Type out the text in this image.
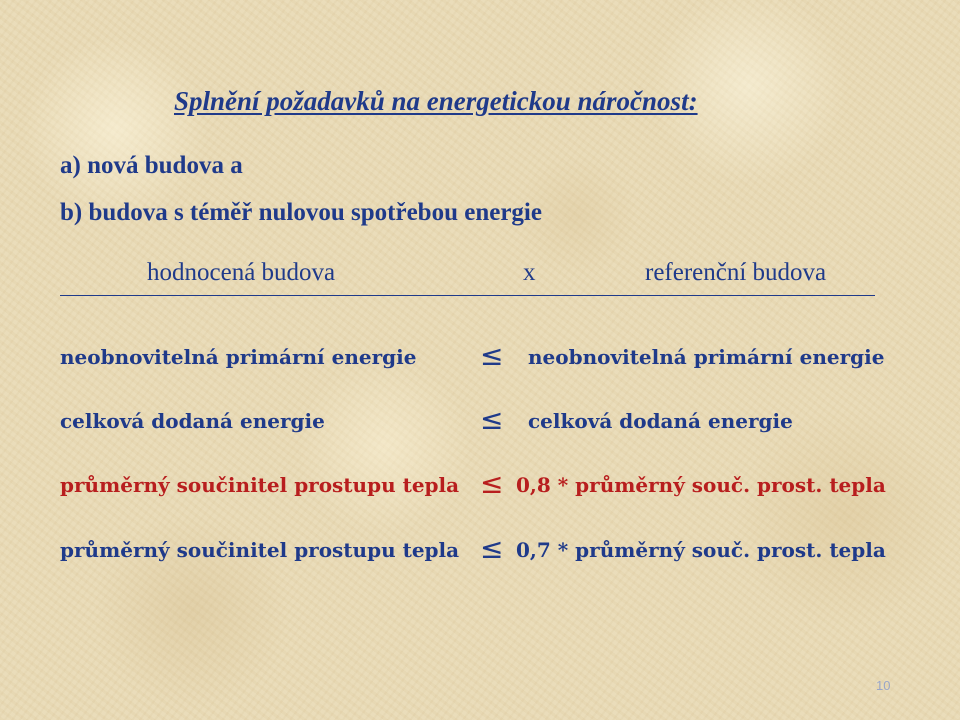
Splnění požadavků na energetickou náročnost:

a) nová budova a

b) budova s téměř nulovou spotřebou energie

hodnocená budova	x	referenční budova
neobnovitelná primární energie ≤ neobnovitelná primární energie
celková dodaná energie	≤ celková dodaná energie
průměrný součinitel prostupu tepla ≤ 0,8 * průměrný souč. prost. tepla
průměrný součinitel prostupu tepla ≤ 0,7 * průměrný souč. prost. tepla
10
